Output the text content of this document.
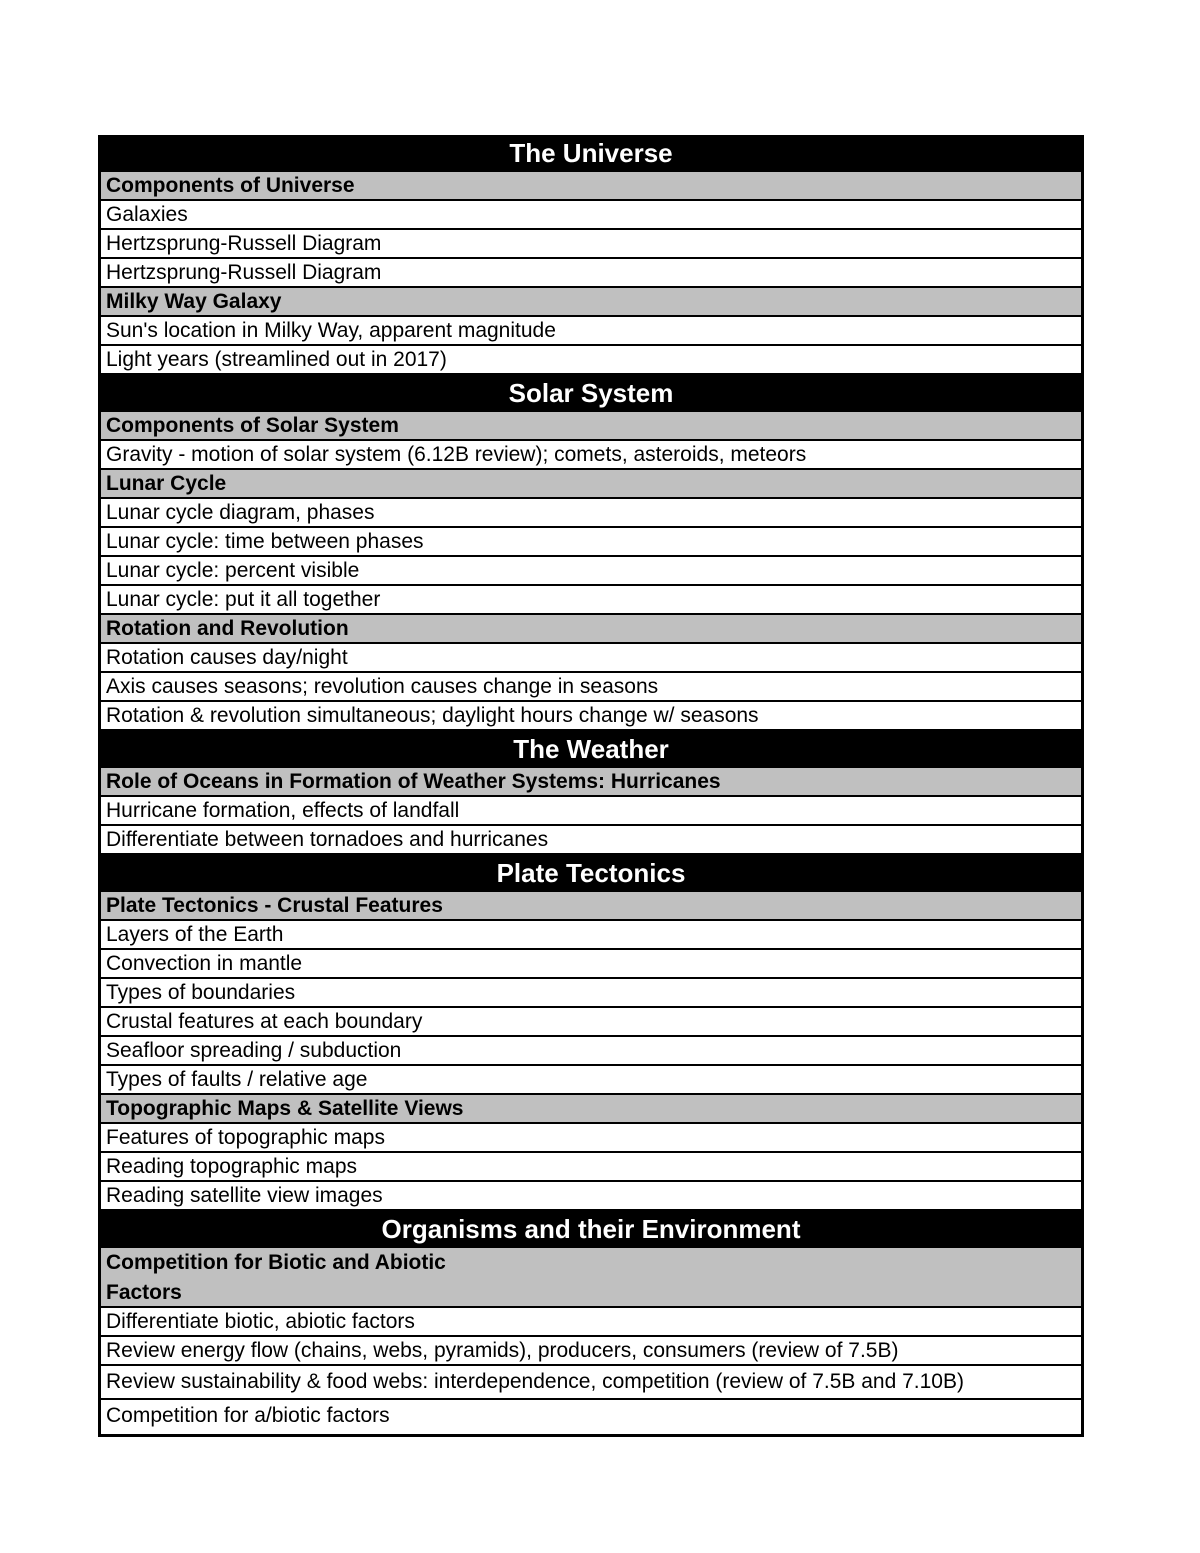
The Universe
Components of Universe
Galaxies
Hertzsprung-Russell Diagram
Hertzsprung-Russell Diagram
Milky Way Galaxy
Sun's location in Milky Way, apparent magnitude
Light years (streamlined out in 2017)
Solar System
Components of Solar System
Gravity - motion of solar system (6.12B review); comets, asteroids, meteors
Lunar Cycle
Lunar cycle diagram, phases
Lunar cycle: time between phases
Lunar cycle: percent visible
Lunar cycle: put it all together
Rotation and Revolution
Rotation causes day/night
Axis causes seasons; revolution causes change in seasons
Rotation & revolution simultaneous; daylight hours change w/ seasons
The Weather
Role of Oceans in Formation of Weather Systems: Hurricanes
Hurricane formation, effects of landfall
Differentiate between tornadoes and hurricanes
Plate Tectonics
Plate Tectonics - Crustal Features
Layers of the Earth
Convection in mantle
Types of boundaries
Crustal features at each boundary
Seafloor spreading / subduction
Types of faults / relative age
Topographic Maps & Satellite Views
Features of topographic maps
Reading topographic maps
Reading satellite view images
Organisms and their Environment
Competition for Biotic and Abiotic
Factors
Differentiate biotic, abiotic factors
Review energy flow (chains, webs, pyramids), producers, consumers (review of 7.5B)
Review sustainability & food webs: interdependence, competition (review of 7.5B and 7.10B)
Competition for a/biotic factors
